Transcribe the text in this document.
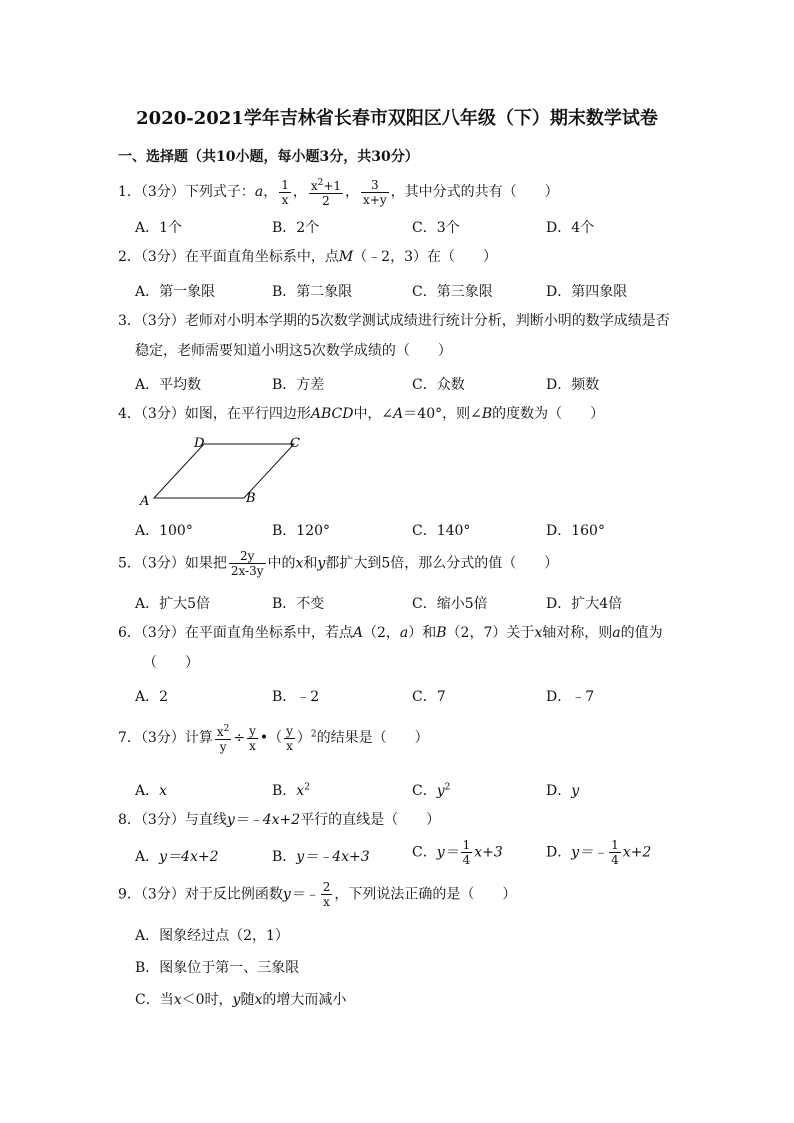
2020-2021学年吉林省长春市双阳区八年级（下）期末数学试卷
一、选择题（共10小题，每小题3分，共30分）
1．（3分）下列式子：a， $\frac{1}{x}$ ， $\frac{x^2+1}{2}$ ， $\frac{3}{x+y}$ ，其中分式的共有（　　）
A．1个	B．2个	C．3个	D．4个
2．（3分）在平面直角坐标系中，点M（﹣2，3）在（　　）
A．第一象限	B．第二象限	C．第三象限	D．第四象限
3．（3分）老师对小明本学期的5次数学测试成绩进行统计分析，判断小明的数学成绩是否
稳定，老师需要知道小明这5次数学成绩的（　　）
A．平均数	B．方差	C．众数	D．频数
4．（3分）如图，在平行四边形ABCD中，∠A＝40°，则∠B的度数为（　　）
D	C
A	B
A．100°	B．120°	C．140°	D．160°
5．（3分）如果把 $\frac{2y}{2x-3y}$ 中的x和y都扩大到5倍，那么分式的值（　　）
A．扩大5倍	B．不变	C．缩小5倍	D．扩大4倍
6．（3分）在平面直角坐标系中，若点A（2，a）和B（2，7）关于x轴对称，则a的值为
（　　）
A．2	B．﹣2	C．7	D．﹣7
7．（3分）计算 $\frac{x^2}{y} \div \frac{y}{x}$ •（ $\frac{y}{x} )^2$的结果是（　　）
A．x	B．$x^2$	C．$y^2$	D．y
8．（3分）与直线y＝﹣4x+2平行的直线是（　　）
A．y＝4x+2	B．y＝﹣4x+3	C．$y= \frac{1}{4} x+3$	D．y＝﹣ $\frac{1}{4} x+2$
9．（3分）对于反比例函数y＝﹣ $\frac{2}{x}$ ，下列说法正确的是（　　）
A．图象经过点（2，1）
B．图象位于第一、三象限
C．当x＜0时，y随x的增大而减小
